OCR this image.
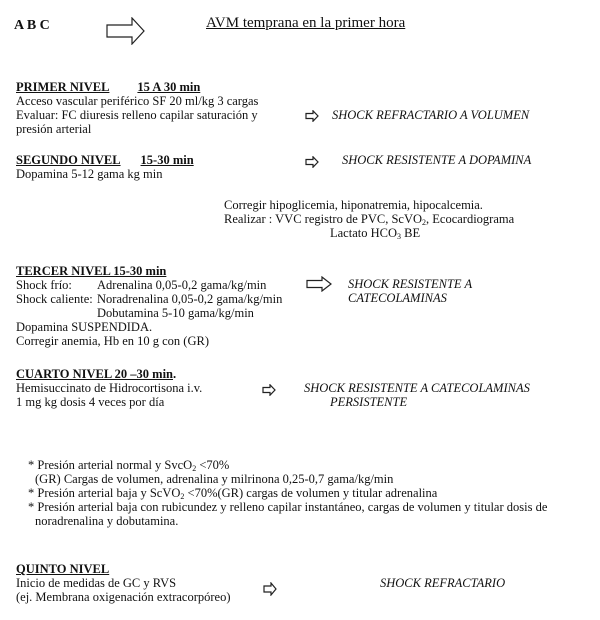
A B C	AVM temprana en la primer hora
PRIMER NIVEL 15 A 30 min
Acceso vascular periférico SF 20 ml/kg 3 cargas
Evaluar: FC diuresis relleno capilar saturación y
presión arterial
SHOCK REFRACTARIO A VOLUMEN
SEGUNDO NIVEL 15-30 min
Dopamina 5-12 gama kg min
SHOCK RESISTENTE A DOPAMINA
Corregir hipoglicemia, hiponatremia, hipocalcemia.
Realizar : VVC registro de PVC, ScVO$_2$, Ecocardiograma
Lactato $HCO_3$ BE
TERCER NIVEL 15-30 min
Shock frío: Adrenalina 0,05-0,2 gama/kg/min
Shock caliente: Noradrenalina 0,05-0,2 gama/kg/min
Dobutamina 5-10 gama/kg/min
Dopamina SUSPENDIDA.
Corregir anemia, Hb en 10 g con (GR)
SHOCK RESISTENTE A
CATECOLAMINAS
CUARTO NIVEL 20 –30 min.
Hemisuccinato de Hidrocortisona i.v.
1 mg kg dosis 4 veces por día
SHOCK RESISTENTE A CATECOLAMINAS
PERSISTENTE
* Presión arterial normal y SvcO$_2$ <70%
(GR) Cargas de volumen, adrenalina y milrinona 0,25-0,7 gama/kg/min
* Presión arterial baja y ScVO$_2$ <70%(GR) cargas de volumen y titular adrenalina
* Presión arterial baja con rubicundez y relleno capilar instantáneo, cargas de volumen y titular dosis de
noradrenalina y dobutamina.
QUINTO NIVEL
Inicio de medidas de GC y RVS
(ej. Membrana oxigenación extracorpóreo)
SHOCK REFRACTARIO
